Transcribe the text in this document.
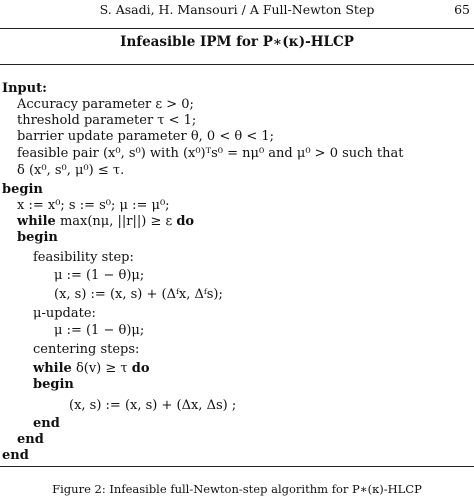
S. Asadi, H. Mansouri / A Full-Newton Step	65
Infeasible IPM for P∗(κ)-HLCP
Input:
Accuracy parameter ε > 0;
threshold parameter τ < 1;
barrier update parameter θ, 0 < θ < 1;
feasible pair (x⁰, s⁰) with (x⁰)ᵀs⁰ = nμ⁰ and μ⁰ > 0 such that
δ (x⁰, s⁰, μ⁰) ≤ τ.
begin
x := x⁰; s := s⁰; μ := μ⁰;
while max(nμ, ||r||) ≥ ε do
begin
feasibility step:
μ := (1 − θ)μ;
(x, s) := (x, s) + (Δᶠx, Δᶠs);
μ-update:
μ := (1 − θ)μ;
centering steps:
while δ(v) ≥ τ do
begin
(x, s) := (x, s) + (Δx, Δs) ;
end
end
end
Figure 2: Infeasible full-Newton-step algorithm for P∗(κ)-HLCP
